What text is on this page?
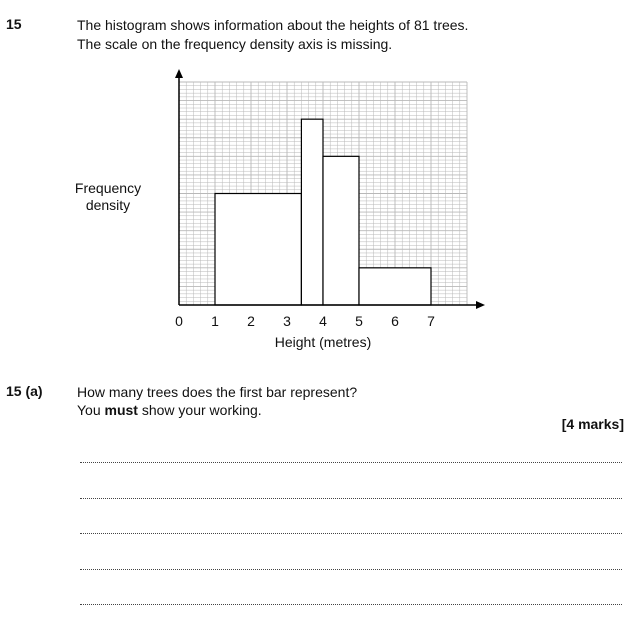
15	The histogram shows information about the heights of 81 trees.
The scale on the frequency density axis is missing.
0 1 2 3 4 5 6 7
Frequency
density
Height (metres)
15 (a) How many trees does the first bar represent?
You must show your working.
[4 marks]
